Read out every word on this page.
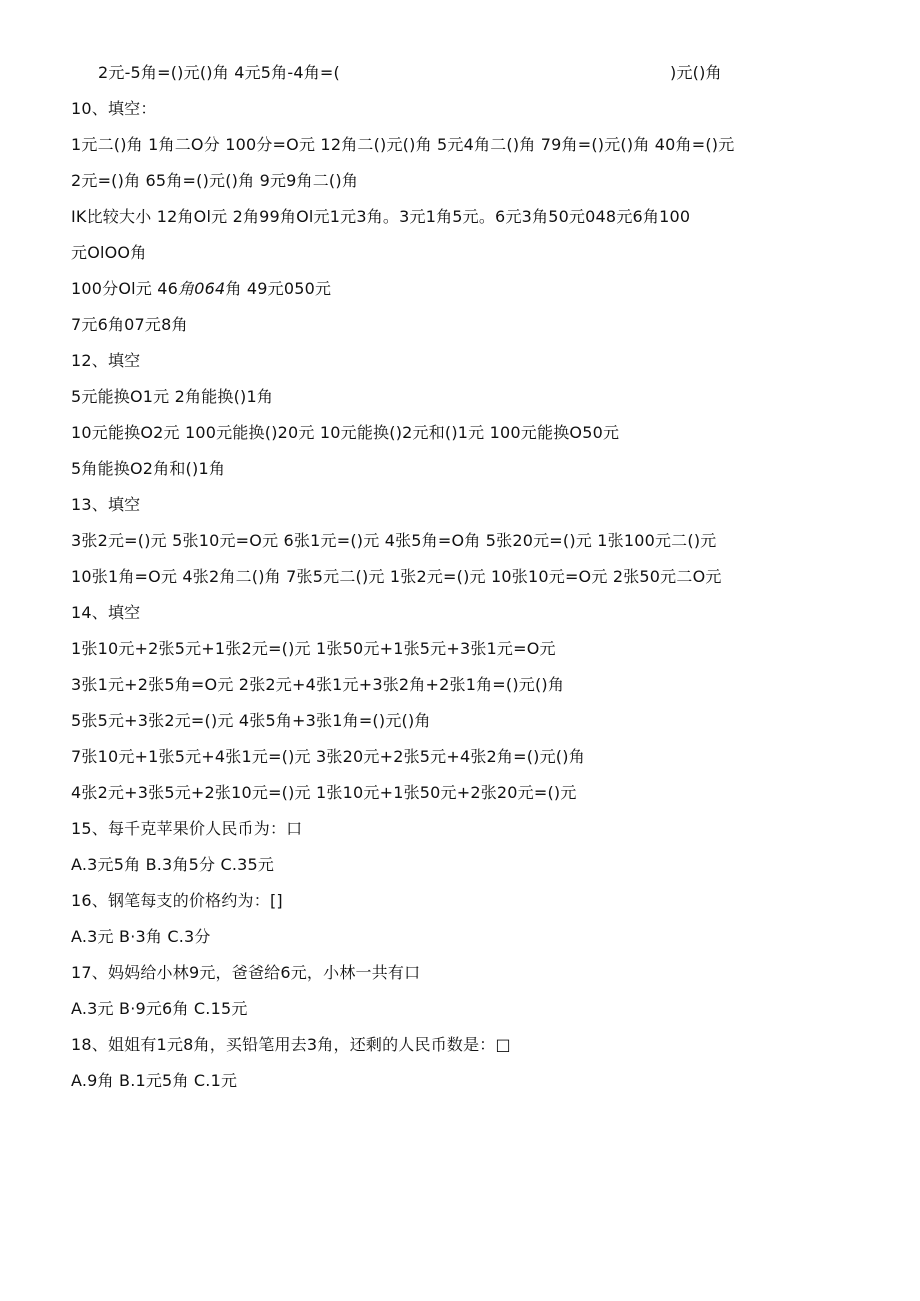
2元-5角=()元()角 4元5角-4角=(	)元()角
10、填空：
1元二()角 1角二O分 100分=O元 12角二()元()角 5元4角二()角 79角=()元()角 40角=()元
2元=()角 65角=()元()角 9元9角二()角
IK比较大小 12角Ol元 2角99角Ol元1元3角。3元1角5元。6元3角50元048元6角100
元OlOO角
100分Ol元 46角064角 49元050元
7元6角07元8角
12、填空
5元能换O1元 2角能换()1角
10元能换O2元 100元能换()20元 10元能换()2元和()1元 100元能换O50元
5角能换O2角和()1角
13、填空
3张2元=()元 5张10元=O元 6张1元=()元 4张5角=O角 5张20元=()元 1张100元二()元
10张1角=O元 4张2角二()角 7张5元二()元 1张2元=()元 10张10元=O元 2张50元二O元
14、填空
1张10元+2张5元+1张2元=()元 1张50元+1张5元+3张1元=O元
3张1元+2张5角=O元 2张2元+4张1元+3张2角+2张1角=()元()角
5张5元+3张2元=()元 4张5角+3张1角=()元()角
7张10元+1张5元+4张1元=()元 3张20元+2张5元+4张2角=()元()角
4张2元+3张5元+2张10元=()元 1张10元+1张50元+2张20元=()元
15、每千克苹果价人民币为：口
A.3元5角 B.3角5分 C.35元
16、钢笔每支的价格约为：[]
A.3元 B·3角 C.3分
17、妈妈给小林9元，爸爸给6元，小林一共有口
A.3元 B·9元6角 C.15元
18、姐姐有1元8角，买铅笔用去3角，还剩的人民币数是：□
A.9角 B.1元5角 C.1元
